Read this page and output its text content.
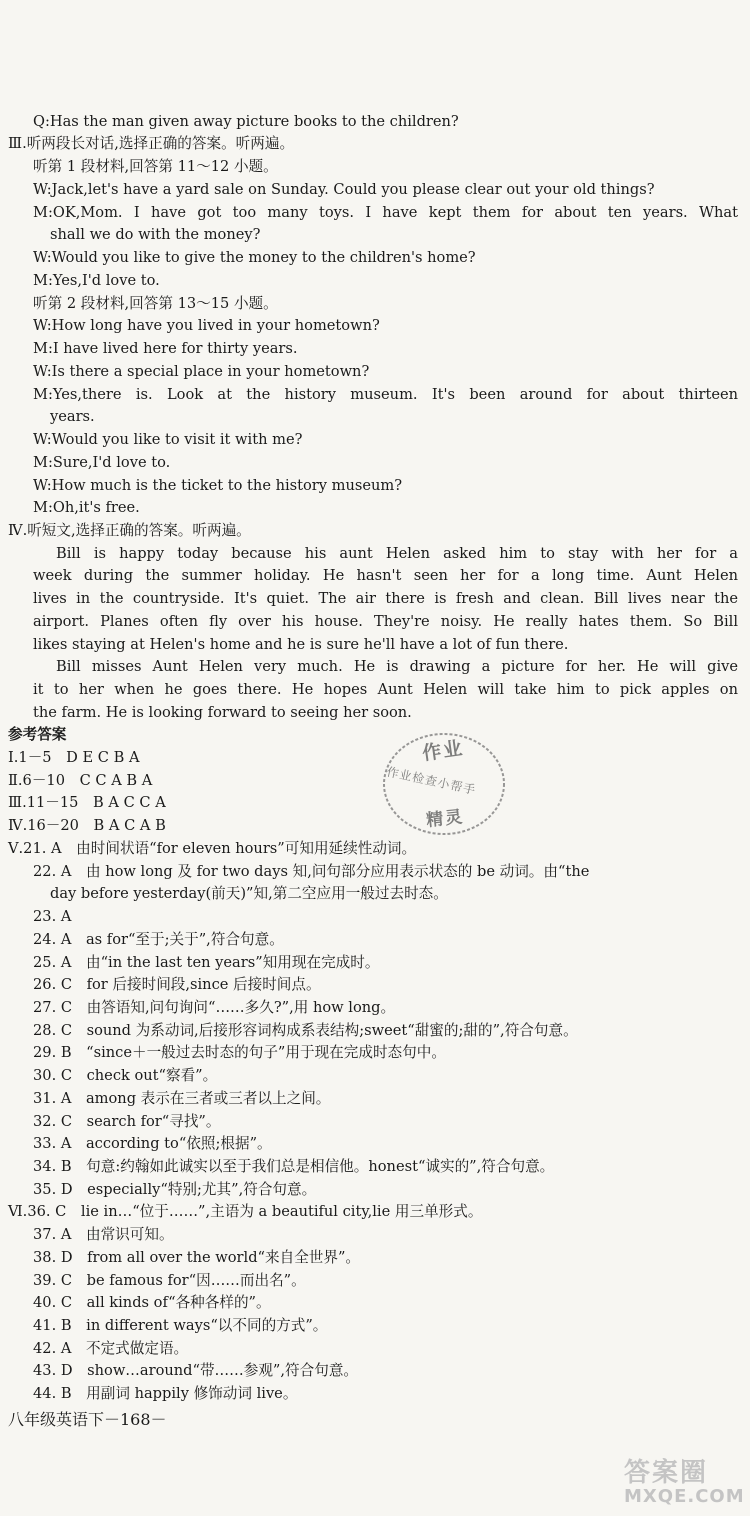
Q:Has the man given away picture books to the children?
Ⅲ.听两段长对话,选择正确的答案。听两遍。
听第 1 段材料,回答第 11～12 小题。
W:Jack,let's have a yard sale on Sunday. Could you please clear out your old things?
M:OK,Mom. I have got too many toys. I have kept them for about ten years. What
shall we do with the money?
W:Would you like to give the money to the children's home?
M:Yes,I'd love to.
听第 2 段材料,回答第 13～15 小题。
W:How long have you lived in your hometown?
M:I have lived here for thirty years.
W:Is there a special place in your hometown?
M:Yes,there is. Look at the history museum. It's been around for about thirteen
years.
W:Would you like to visit it with me?
M:Sure,I'd love to.
W:How much is the ticket to the history museum?
M:Oh,it's free.
Ⅳ.听短文,选择正确的答案。听两遍。
Bill is happy today because his aunt Helen asked him to stay with her for a
week during the summer holiday. He hasn't seen her for a long time. Aunt Helen
lives in the countryside. It's quiet. The air there is fresh and clean. Bill lives near the
airport. Planes often fly over his house. They're noisy. He really hates them. So Bill
likes staying at Helen's home and he is sure he'll have a lot of fun there.
Bill misses Aunt Helen very much. He is drawing a picture for her. He will give
it to her when he goes there. He hopes Aunt Helen will take him to pick apples on
the farm. He is looking forward to seeing her soon.
参考答案
Ⅰ.1－5　D E C B A
Ⅱ.6－10　C C A B A
Ⅲ.11－15　B A C C A
Ⅳ.16－20　B A C A B
Ⅴ.21. A　由时间状语“for eleven hours”可知用延续性动词。
22. A　由 how long 及 for two days 知,问句部分应用表示状态的 be 动词。由“the
day before yesterday(前天)”知,第二空应用一般过去时态。
23. A
24. A　as for“至于;关于”,符合句意。
25. A　由“in the last ten years”知用现在完成时。
26. C　for 后接时间段,since 后接时间点。
27. C　由答语知,问句询问“……多久?”,用 how long。
28. C　sound 为系动词,后接形容词构成系表结构;sweet“甜蜜的;甜的”,符合句意。
29. B　“since＋一般过去时态的句子”用于现在完成时态句中。
30. C　check out“察看”。
31. A　among 表示在三者或三者以上之间。
32. C　search for“寻找”。
33. A　according to“依照;根据”。
34. B　句意:约翰如此诚实以至于我们总是相信他。honest“诚实的”,符合句意。
35. D　especially“特别;尤其”,符合句意。
Ⅵ.36. C　lie in…“位于……”,主语为 a beautiful city,lie 用三单形式。
37. A　由常识可知。
38. D　from all over the world“来自全世界”。
39. C　be famous for“因……而出名”。
40. C　all kinds of“各种各样的”。
41. B　in different ways“以不同的方式”。
42. A　不定式做定语。
43. D　show…around“带……参观”,符合句意。
44. B　用副词 happily 修饰动词 live。
八年级英语下－168－
作业
作业检查小帮手
精灵
答案圈
MXQE.COM
